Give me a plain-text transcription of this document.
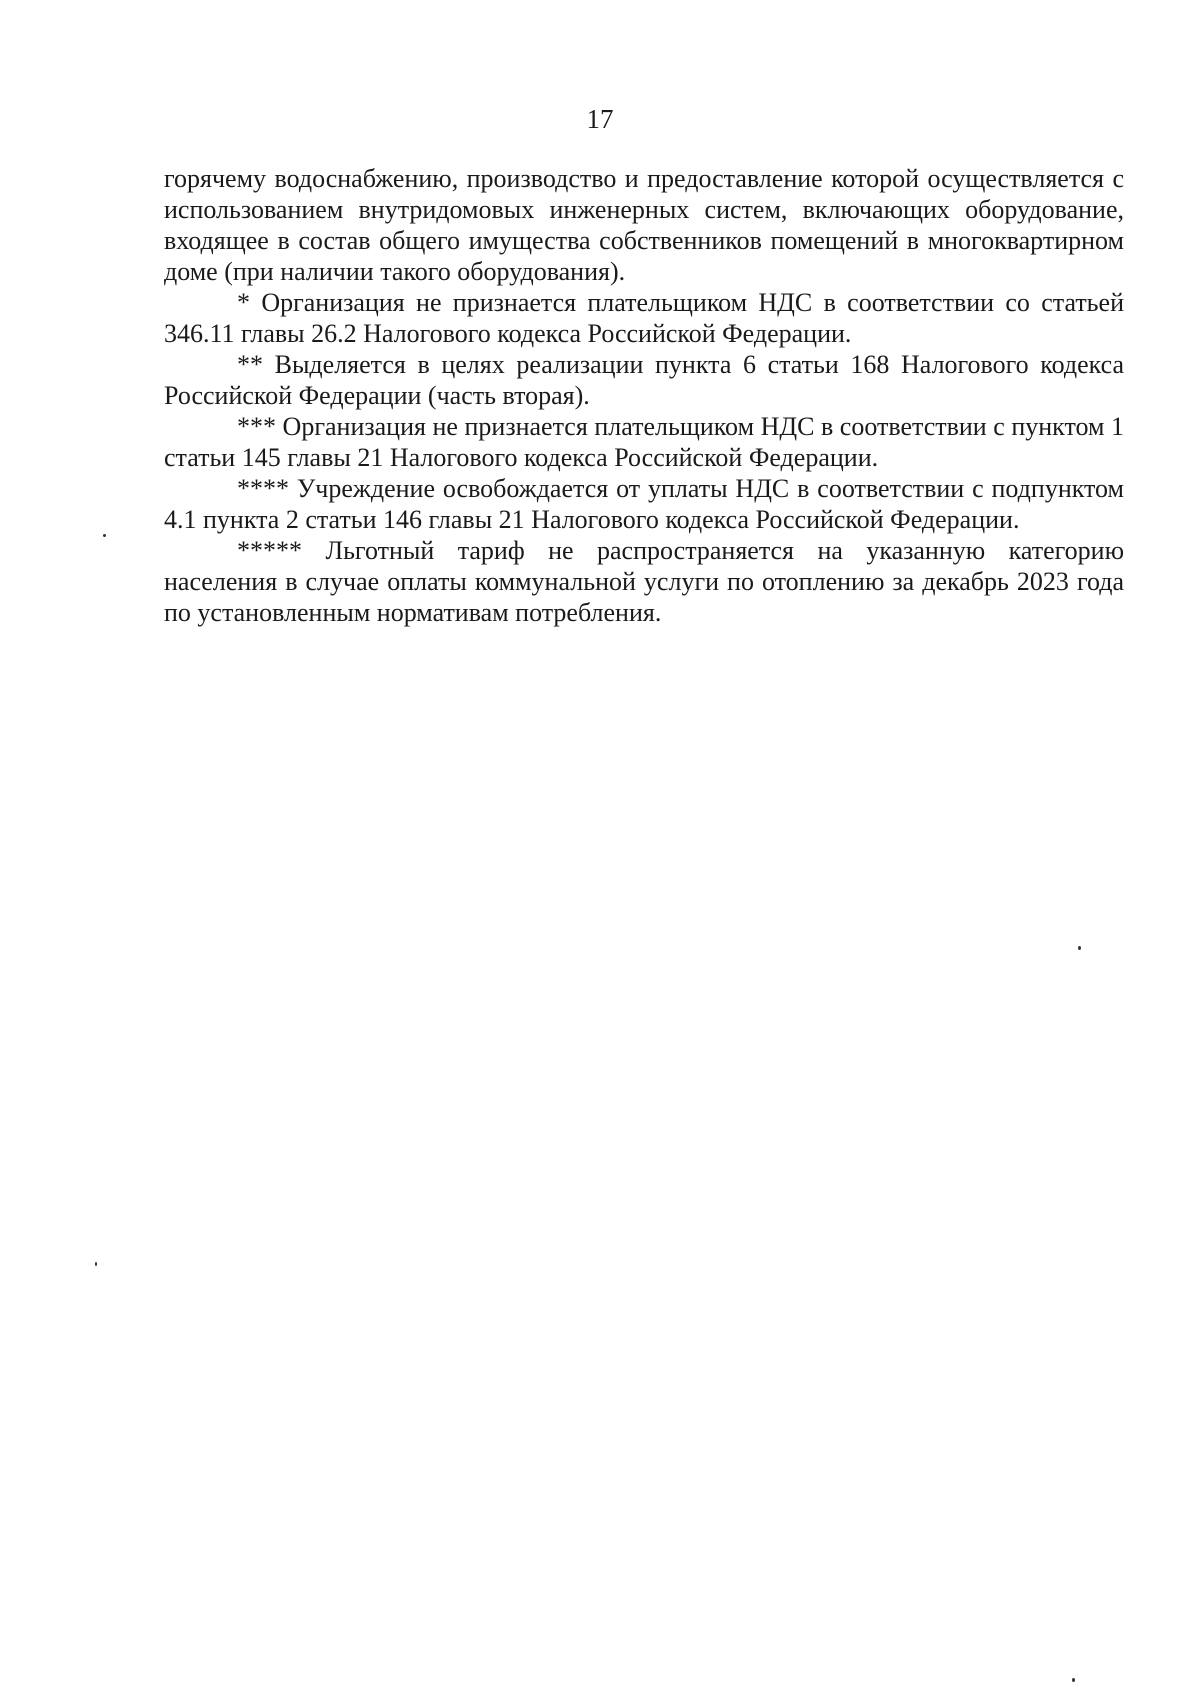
17

горячему водоснабжению, производство и предоставление которой осуществляется с использованием внутридомовых инженерных систем, включающих оборудование, входящее в состав общего имущества собственников помещений в многоквартирном доме (при наличии такого оборудования).

* Организация не признается плательщиком НДС в соответствии со статьей 346.11 главы 26.2 Налогового кодекса Российской Федерации.

** Выделяется в целях реализации пункта 6 статьи 168 Налогового кодекса Российской Федерации (часть вторая).

*** Организация не признается плательщиком НДС в соответствии с пунктом 1 статьи 145 главы 21 Налогового кодекса Российской Федерации.

**** Учреждение освобождается от уплаты НДС в соответствии с подпунктом 4.1 пункта 2 статьи 146 главы 21 Налогового кодекса Российской Федерации.

***** Льготный тариф не распространяется на указанную категорию населения в случае оплаты коммунальной услуги по отоплению за декабрь 2023 года по установленным нормативам потребления.
